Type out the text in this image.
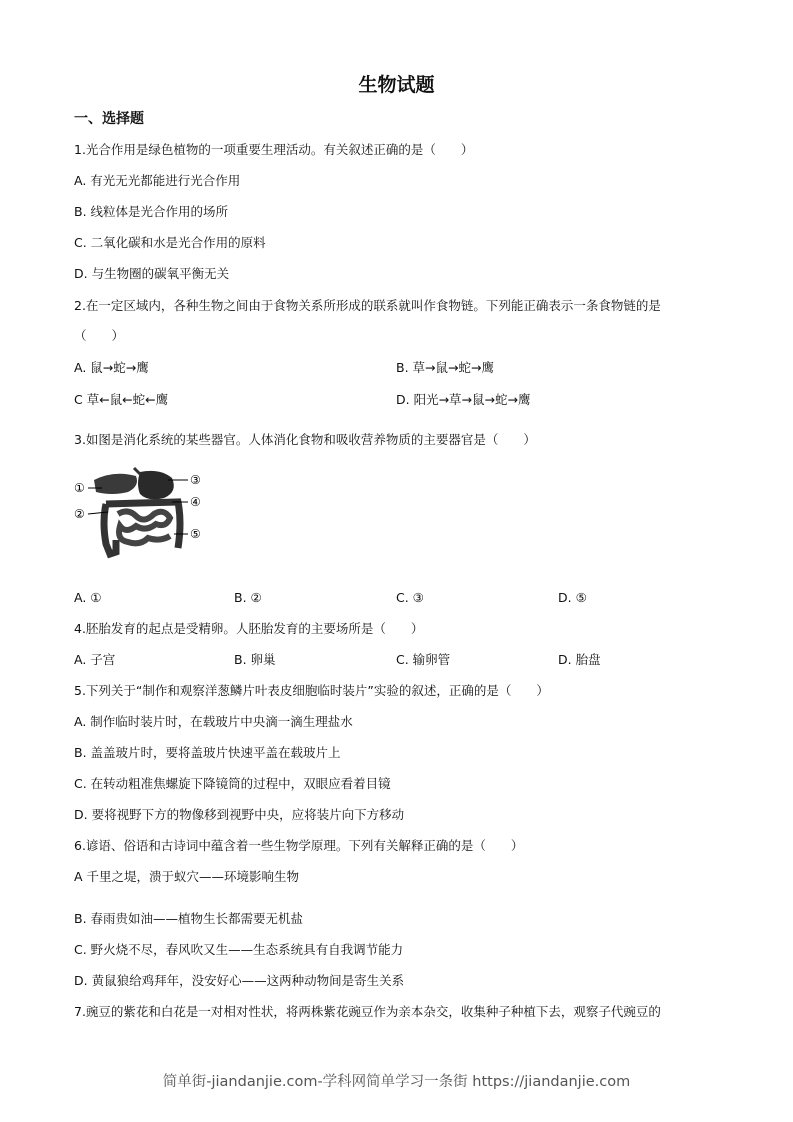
生物试题
一、选择题
1.光合作用是绿色植物的一项重要生理活动。有关叙述正确的是（　　）
A. 有光无光都能进行光合作用
B. 线粒体是光合作用的场所
C. 二氧化碳和水是光合作用的原料
D. 与生物圈的碳氧平衡无关
2.在一定区域内，各种生物之间由于食物关系所形成的联系就叫作食物链。下列能正确表示一条食物链的是
（　　）
A. 鼠→蛇→鹰	B. 草→鼠→蛇→鹰
C 草←鼠←蛇←鹰	D. 阳光→草→鼠→蛇→鹰
3.如图是消化系统的某些器官。人体消化食物和吸收营养物质的主要器官是（　　）
①
②
③
④
⑤
A. ①	B. ②	C. ③	D. ⑤
4.胚胎发育的起点是受精卵。人胚胎发育的主要场所是（　　）
A. 子宫	B. 卵巢	C. 输卵管	D. 胎盘
5.下列关于“制作和观察洋葱鳞片叶表皮细胞临时装片”实验的叙述，正确的是（　　）
A. 制作临时装片时，在载玻片中央滴一滴生理盐水
B. 盖盖玻片时，要将盖玻片快速平盖在载玻片上
C. 在转动粗准焦螺旋下降镜筒的过程中，双眼应看着目镜
D. 要将视野下方的物像移到视野中央，应将装片向下方移动
6.谚语、俗语和古诗词中蕴含着一些生物学原理。下列有关解释正确的是（　　）
A 千里之堤，溃于蚁穴——环境影响生物
B. 春雨贵如油——植物生长都需要无机盐
C. 野火烧不尽，春风吹又生——生态系统具有自我调节能力
D. 黄鼠狼给鸡拜年，没安好心——这两种动物间是寄生关系
7.豌豆的紫花和白花是一对相对性状，将两株紫花豌豆作为亲本杂交，收集种子种植下去，观察子代豌豆的
简单街-jiandanjie.com-学科网简单学习一条街 https://jiandanjie.com
